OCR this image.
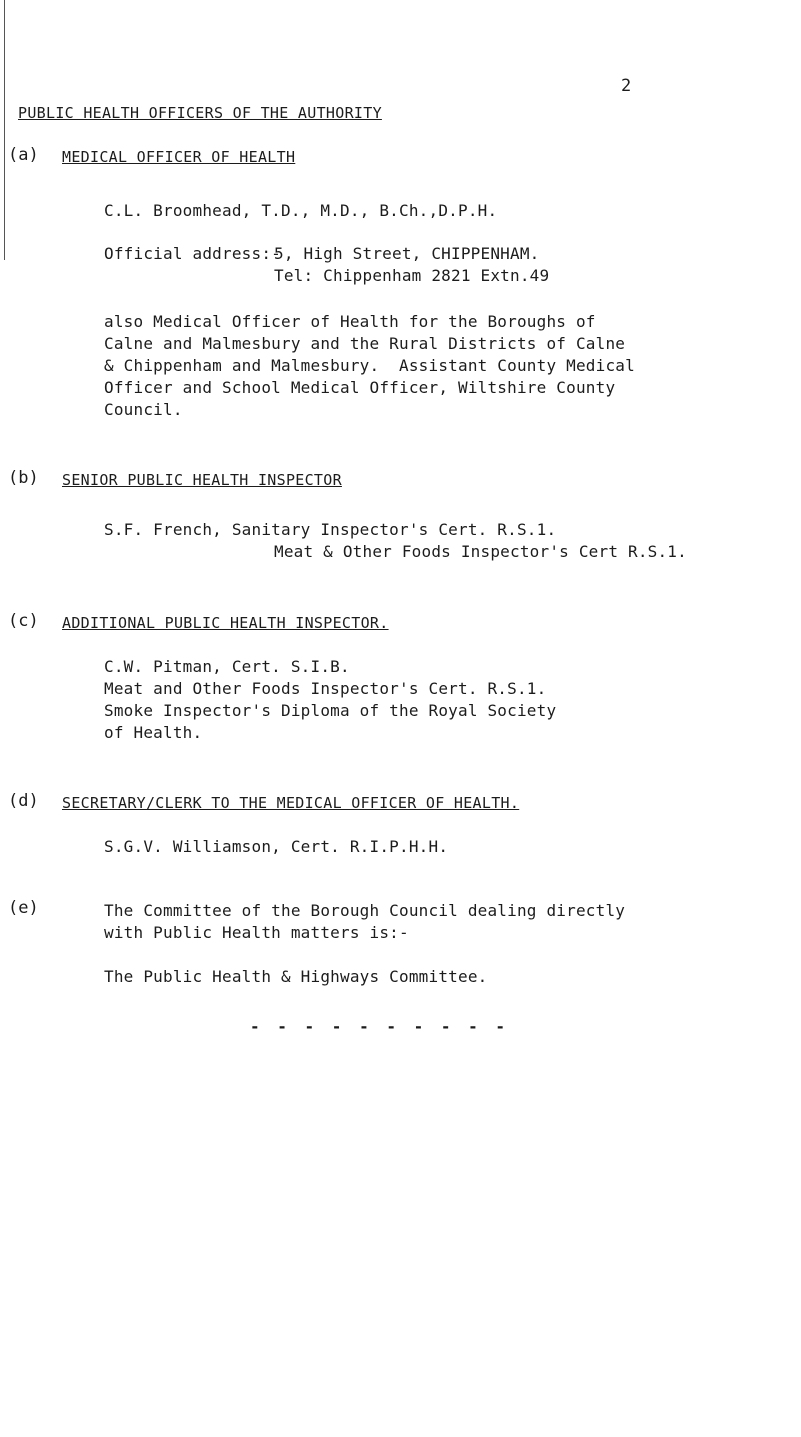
2
PUBLIC HEALTH OFFICERS OF THE AUTHORITY
(a) MEDICAL OFFICER OF HEALTH
C.L. Broomhead, T.D., M.D., B.Ch.,D.P.H.
Official address:-
5, High Street, CHIPPENHAM.
Tel: Chippenham 2821 Extn.49
also Medical Officer of Health for the Boroughs of
Calne and Malmesbury and the Rural Districts of Calne
& Chippenham and Malmesbury.  Assistant County Medical
Officer and School Medical Officer, Wiltshire County
Council.
(b) SENIOR PUBLIC HEALTH INSPECTOR
S.F. French, Sanitary Inspector's Cert. R.S.1.
Meat & Other Foods Inspector's Cert R.S.1.
(c) ADDITIONAL PUBLIC HEALTH INSPECTOR.
C.W. Pitman, Cert. S.I.B.
Meat and Other Foods Inspector's Cert. R.S.1.
Smoke Inspector's Diploma of the Royal Society
of Health.
(d) SECRETARY/CLERK TO THE MEDICAL OFFICER OF HEALTH.
S.G.V. Williamson, Cert. R.I.P.H.H.
(e)	The Committee of the Borough Council dealing directly
with Public Health matters is:-
The Public Health & Highways Committee.
- - - - - - - - - -
